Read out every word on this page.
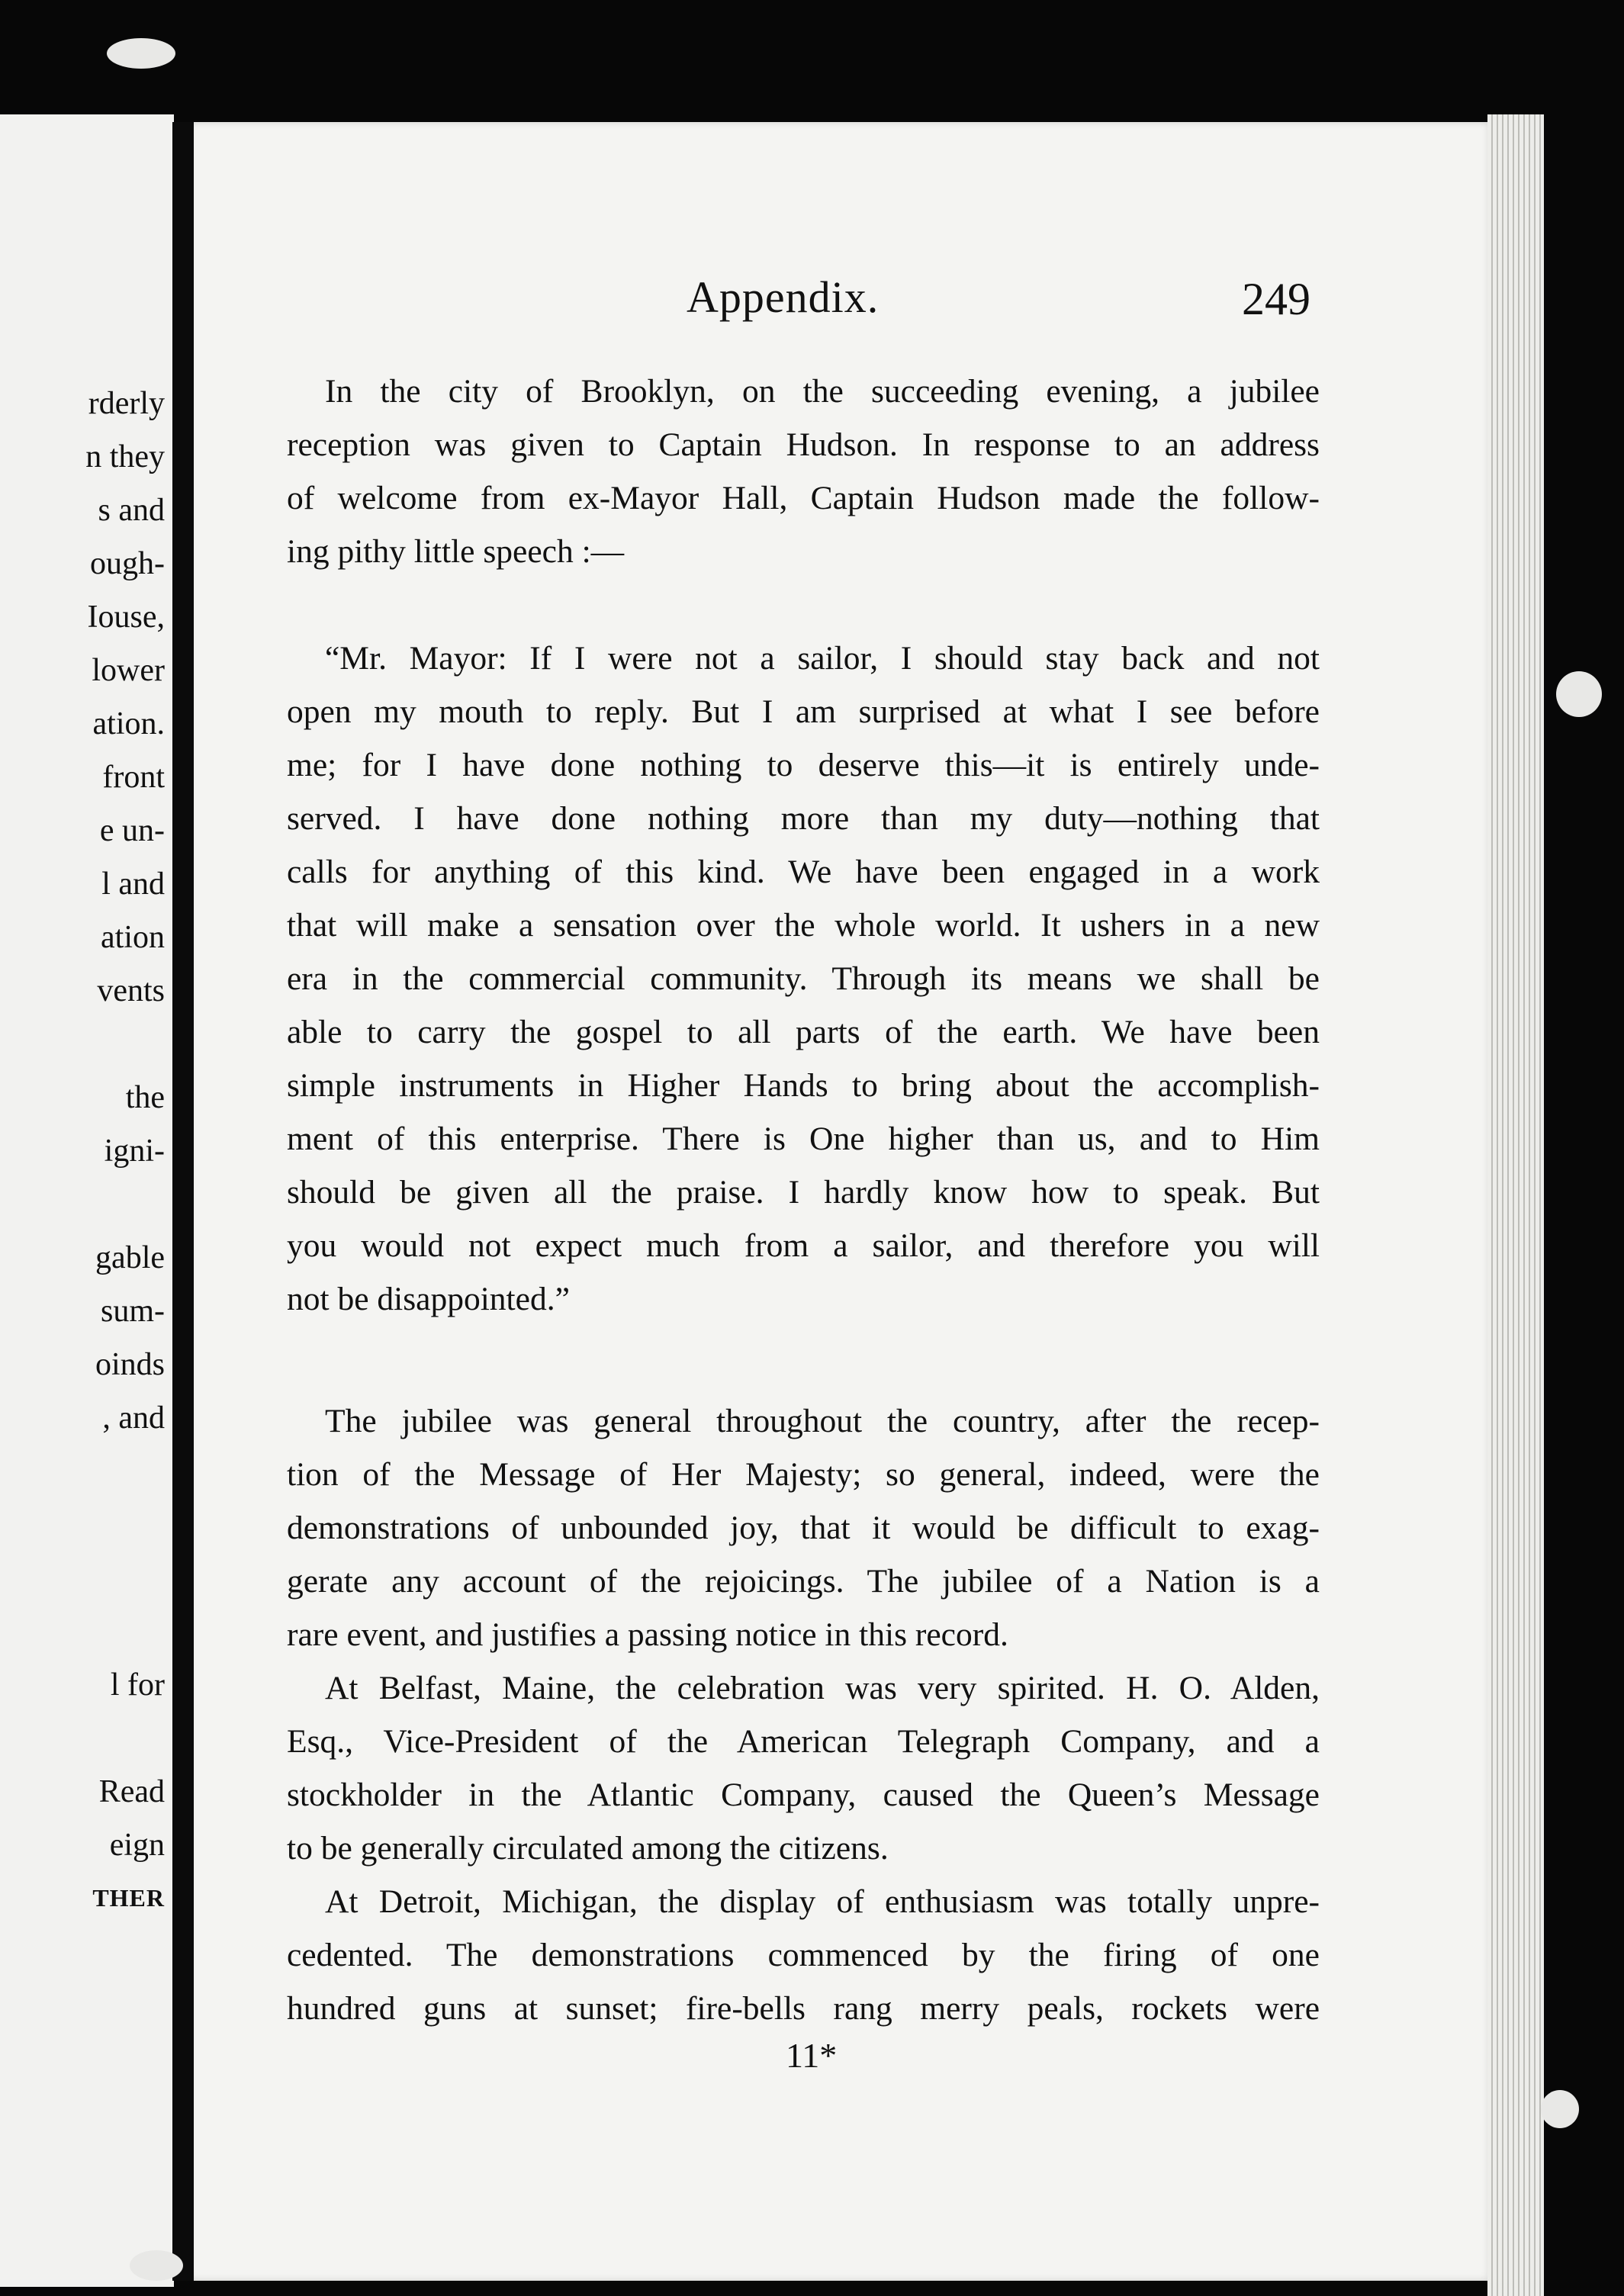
rderly
n they
s and
ough-
Iouse,
lower
ation.
front
e un-
l and
ation
vents
the
igni-
gable
sum-
oinds
, and
l for
Read
eign
THER
Appendix.	249
In the city of Brooklyn, on the succeeding evening, a jubilee
reception was given to Captain Hudson. In response to an address
of welcome from ex-Mayor Hall, Captain Hudson made the follow-
ing pithy little speech :—
“Mr. Mayor: If I were not a sailor, I should stay back and not
open my mouth to reply. But I am surprised at what I see before
me; for I have done nothing to deserve this—it is entirely unde-
served. I have done nothing more than my duty—nothing that
calls for anything of this kind. We have been engaged in a work
that will make a sensation over the whole world. It ushers in a new
era in the commercial community. Through its means we shall be
able to carry the gospel to all parts of the earth. We have been
simple instruments in Higher Hands to bring about the accomplish-
ment of this enterprise. There is One higher than us, and to Him
should be given all the praise. I hardly know how to speak. But
you would not expect much from a sailor, and therefore you will
not be disappointed.”
The jubilee was general throughout the country, after the recep-
tion of the Message of Her Majesty; so general, indeed, were the
demonstrations of unbounded joy, that it would be difficult to exag-
gerate any account of the rejoicings. The jubilee of a Nation is a
rare event, and justifies a passing notice in this record.
At Belfast, Maine, the celebration was very spirited. H. O. Alden,
Esq., Vice-President of the American Telegraph Company, and a
stockholder in the Atlantic Company, caused the Queen’s Message
to be generally circulated among the citizens.
At Detroit, Michigan, the display of enthusiasm was totally unpre-
cedented. The demonstrations commenced by the firing of one
hundred guns at sunset; fire-bells rang merry peals, rockets were
11*
